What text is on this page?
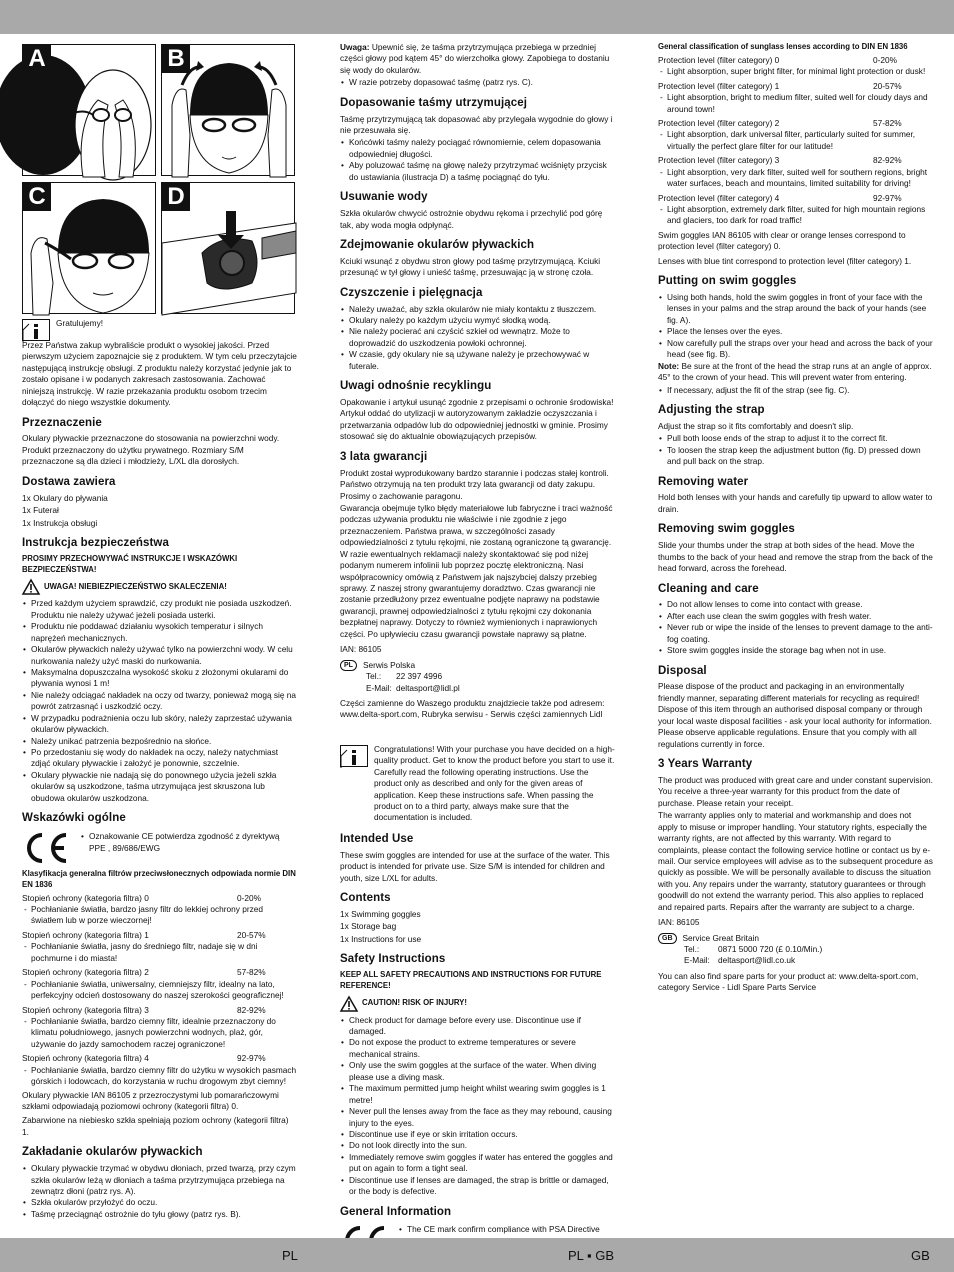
A	B
C	D

Gratulujemy!

Przez Państwa zakup wybraliście produkt o wysokiej jakości. Przed pierwszym użyciem zapoznajcie się z produktem. W tym celu przeczytajcie następującą instrukcję obsługi. Z produktu należy korzystać jedynie jak to zostało opisane i w podanych zakresach zastosowania. Zachować niniejszą instrukcję. W razie przekazania produktu osobom trzecim dołączyć do niego wszystkie dokumenty.

Przeznaczenie

Okulary pływackie przeznaczone do stosowania na powierzchni wody. Produkt przeznaczony do użytku prywatnego. Rozmiary S/M przeznaczone są dla dzieci i młodzieży, L/XL dla dorosłych.

Dostawa zawiera

1x Okulary do pływania

1x Futerał

1x Instrukcja obsługi

Instrukcja bezpieczeństwa

PROSIMY PRZECHOWYWAĆ INSTRUKCJE I WSKAZÓWKI BEZPIECZEŃSTWA!

UWAGA! NIEBIEZPIECZEŃSTWO SKALECZENIA!
• Przed każdym użyciem sprawdzić, czy produkt nie posiada uszkodzeń. Produktu nie należy używać jeżeli posiada usterki.
• Produktu nie poddawać działaniu wysokich temperatur i silnych naprężeń mechanicznych.
• Okularów pływackich należy używać tylko na powierzchni wody. W celu nurkowania należy użyć maski do nurkowania.
• Maksymalna dopuszczalna wysokość skoku z złożonymi okularami do pływania wynosi 1 m!
• Nie należy odciągać nakładek na oczy od twarzy, ponieważ mogą się na powrót zatrzasnąć i uszkodzić oczy.
• W przypadku podrażnienia oczu lub skóry, należy zaprzestać używania okularów pływackich.
• Należy unikać patrzenia bezpośrednio na słońce.
• Po przedostaniu się wody do nakładek na oczy, należy natychmiast zdjąć okulary pływackie i założyć je ponownie, szczelnie.
• Okulary pływackie nie nadają się do ponownego użycia jeżeli szkła okularów są uszkodzone, taśma utrzymująca jest skruszona lub obudowa okularów uszkodzona.
Wskazówki ogólne
• Oznakowanie CE potwierdza zgodność z dyrektywą PPE , 89/686/EWG

Klasyfikacja generalna filtrów przeciwsłonecznych odpowiada normie DIN EN 1836

Stopień ochrony (kategoria filtra) 0	0-20%
- Pochłanianie światła, bardzo jasny filtr do lekkiej ochrony przed światłem lub w porze wieczornej!
Stopień ochrony (kategoria filtra) 1	20-57%
- Pochłanianie światła, jasny do średniego filtr, nadaje się w dni pochmurne i do miasta!
Stopień ochrony (kategoria filtra) 2	57-82%
- Pochłanianie światła, uniwersalny, ciemniejszy filtr, idealny na lato, perfekcyjny odcień dostosowany do naszej szerokości geograficznej!
Stopień ochrony (kategoria filtra) 3	82-92%
- Pochłanianie światła, bardzo ciemny filtr, idealnie przeznaczony do klimatu południowego, jasnych powierzchni wodnych, plaż, gór, używanie do jazdy samochodem raczej ograniczone!
Stopień ochrony (kategoria filtra) 4	92-97%
- Pochłanianie światła, bardzo ciemny filtr do użytku w wysokich pasmach górskich i lodowcach, do korzystania w ruchu drogowym zbyt ciemny!

Okulary pływackie IAN 86105 z przezroczystymi lub pomarańczowymi szkłami odpowiadają poziomowi ochrony (kategorii filtra) 0.

Zabarwione na niebiesko szkła spełniają poziom ochrony (kategorii filtra) 1.

Zakładanie okularów pływackich
• Okulary pływackie trzymać w obydwu dłoniach, przed twarzą, przy czym szkła okularów leżą w dłoniach a taśma przytrzymująca przebiega na zewnątrz dłoni (patrz rys. A).
• Szkła okularów przyłożyć do oczu.
• Taśmę przeciągnąć ostrożnie do tyłu głowy (patrz rys. B).

Uwaga: Upewnić się, że taśma przytrzymująca przebiega w przedniej części głowy pod kątem 45° do wierzchołka głowy. Zapobiega to dostaniu się wody do okularów.

• W razie potrzeby dopasować taśmę (patrz rys. C).
Dopasowanie taśmy utrzymującej

Taśmę przytrzymującą tak dopasować aby przylegała wygodnie do głowy i nie przesuwała się.

• Końcówki taśmy należy pociągać równomiernie, celem dopasowania odpowiedniej długości.
• Aby poluzować taśmę na głowę należy przytrzymać wciśnięty przycisk do ustawiania (ilustracja D) a taśmę pociągnąć do tyłu.
Usuwanie wody

Szkła okularów chwycić ostrożnie obydwu rękoma i przechylić pod górę tak, aby woda mogła odpłynąć.

Zdejmowanie okularów pływackich

Kciuki wsunąć z obydwu stron głowy pod taśmę przytrzymującą. Kciuki przesunąć w tył głowy i unieść taśmę, przesuwając ją w stronę czoła.

Czyszczenie i pielęgnacja
• Należy uważać, aby szkła okularów nie miały kontaktu z tłuszczem.
• Okulary należy po każdym użyciu wymyć słodką wodą.
• Nie należy pocierać ani czyścić szkieł od wewnątrz. Może to doprowadzić do uszkodzenia powłoki ochronnej.
• W czasie, gdy okulary nie są używane należy je przechowywać w futerale.
Uwagi odnośnie recyklingu

Opakowanie i artykuł usunąć zgodnie z przepisami o ochronie środowiska! Artykuł oddać do utylizacji w autoryzowanym zakładzie oczyszczania i przetwarzania odpadów lub do odpowiedniej jednostki w gminie. Prosimy stosować się do aktualnie obowiązujących przepisów.

3 lata gwarancji

Produkt został wyprodukowany bardzo starannie i podczas stałej kontroli. Państwo otrzymują na ten produkt trzy lata gwarancji od daty zakupu. Prosimy o zachowanie paragonu.

Gwarancja obejmuje tylko błędy materiałowe lub fabryczne i traci ważność podczas używania produktu nie właściwie i nie zgodnie z jego przeznaczeniem. Państwa prawa, w szczególności zasady odpowiedzialności z tytułu rękojmi, nie zostaną ograniczone tą gwarancję. W razie ewentualnych reklamacji należy skontaktować się pod niżej podanym numerem infolinii lub poprzez pocztę elektroniczną. Nasi współpracownicy omówią z Państwem jak najszybciej dalszy przebieg sprawy. Z naszej strony gwarantujemy doradztwo. Czas gwarancji nie zostanie przedłużony przez ewentualne podjęte naprawy na podstawie gwarancji, prawnej odpowiedzialności z tytułu rękojmi czy dokonania bezpłatnej naprawy. Dotyczy to również wymienionych i naprawionych części. Po upływieciu czasu gwarancji powstałe naprawy są płatne.

IAN: 86105

PL	Serwis Polska
Tel.:	22 397 4996
E-Mail: deltasport@lidl.pl

Części zamienne do Waszego produktu znajdziecie także pod adresem: www.delta-sport.com, Rubryka serwisu - Serwis części zamiennych Lidl

Congratulations! With your purchase you have decided on a high-quality product. Get to know the product before you start to use it. Carefully read the following operating instructions. Use the product only as described and only for the given areas of application. Keep these instructions safe. When passing the product on to a third party, always make sure that the documentation is included.

Intended Use

These swim goggles are intended for use at the surface of the water. This product is intended for private use. Size S/M is intended for children and youth, size L/XL for adults.

Contents

1x Swimming goggles

1x Storage bag

1x Instructions for use

Safety Instructions

KEEP ALL SAFETY PRECAUTIONS AND INSTRUCTIONS FOR FUTURE REFERENCE!

CAUTION! RISK OF INJURY!
• Check product for damage before every use. Discontinue use if damaged.
• Do not expose the product to extreme temperatures or severe mechanical strains.
• Only use the swim goggles at the surface of the water. When diving please use a diving mask.
• The maximum permitted jump height whilst wearing swim goggles is 1 metre!
• Never pull the lenses away from the face as they may rebound, causing injury to the eyes.
• Discontinue use if eye or skin irritation occurs.
• Do not look directly into the sun.
• Immediately remove swim goggles if water has entered the goggles and put on again to form a tight seal.
• Discontinue use if lenses are damaged, the strap is brittle or damaged, or the body is defective.
General Information
• The CE mark confirm compliance with PSA Directive

General classification of sunglass lenses according to DIN EN 1836

Protection level (filter category) 0	0-20%
- Light absorption, super bright filter, for minimal light protection or dusk!
Protection level (filter category) 1	20-57%
- Light absorption, bright to medium filter, suited well for cloudy days and around town!
Protection level (filter category) 2	57-82%
- Light absorption, dark universal filter, particularly suited for summer, virtually the perfect glare filter for our latitude!
Protection level (filter category) 3	82-92%
- Light absorption, very dark filter, suited well for southern regions, bright water surfaces, beach and mountains, limited suitability for driving!
Protection level (filter category) 4	92-97%
- Light absorption, extremely dark filter, suited for high mountain regions and glaciers, too dark for road traffic!

Swim goggles IAN 86105 with clear or orange lenses correspond to protection level (filter category) 0.

Lenses with blue tint correspond to protection level (filter category) 1.

Putting on swim goggles
• Using both hands, hold the swim goggles in front of your face with the lenses in your palms and the strap around the back of your hands (see fig. A).
• Place the lenses over the eyes.
• Now carefully pull the straps over your head and across the back of your head (see fig. B).

Note: Be sure at the front of the head the strap runs at an angle of approx. 45° to the crown of your head. This will prevent water from entering.

• If necessary, adjust the fit of the strap (see fig. C).
Adjusting the strap

Adjust the strap so it fits comfortably and doesn't slip.

• Pull both loose ends of the strap to adjust it to the correct fit.
• To loosen the strap keep the adjustment button (fig. D) pressed down and pull back on the strap.
Removing water

Hold both lenses with your hands and carefully tip upward to allow water to drain.

Removing swim goggles

Slide your thumbs under the strap at both sides of the head. Move the thumbs to the back of your head and remove the strap from the back of the head forward, across the forehead.

Cleaning and care
• Do not allow lenses to come into contact with grease.
• After each use clean the swim goggles with fresh water.
• Never rub or wipe the inside of the lenses to prevent damage to the anti-fog coating.
• Store swim goggles inside the storage bag when not in use.
Disposal

Please dispose of the product and packaging in an environmentally friendly manner, separating different materials for recycling as required! Dispose of this item through an authorised disposal company or through your local waste disposal facilities - ask your local authority for information. Please observe applicable regulations. Ensure that you comply with all regulations currently in force.

3 Years Warranty

The product was produced with great care and under constant supervision. You receive a three-year warranty for this product from the date of purchase. Please retain your receipt.

The warranty applies only to material and workmanship and does not apply to misuse or improper handling. Your statutory rights, especially the warranty rights, are not affected by this warranty. With regard to complaints, please contact the following service hotline or contact us by e-mail. Our service employees will advise as to the subsequent procedure as quickly as possible. We will be personally available to discuss the situation with you. Any repairs under the warranty, statutory guarantees or through goodwill do not extend the warranty period. This also applies to replaced and repaired parts. Repairs after the warranty are subject to a charge.

IAN: 86105

GB	Service Great Britain
Tel.:	0871 5000 720 (£ 0.10/Min.)
E-Mail: deltasport@lidl.co.uk

You can also find spare parts for your product at: www.delta-sport.com, category Service - Lidl Spare Parts Service

PL	PL ▪ GB	GB
